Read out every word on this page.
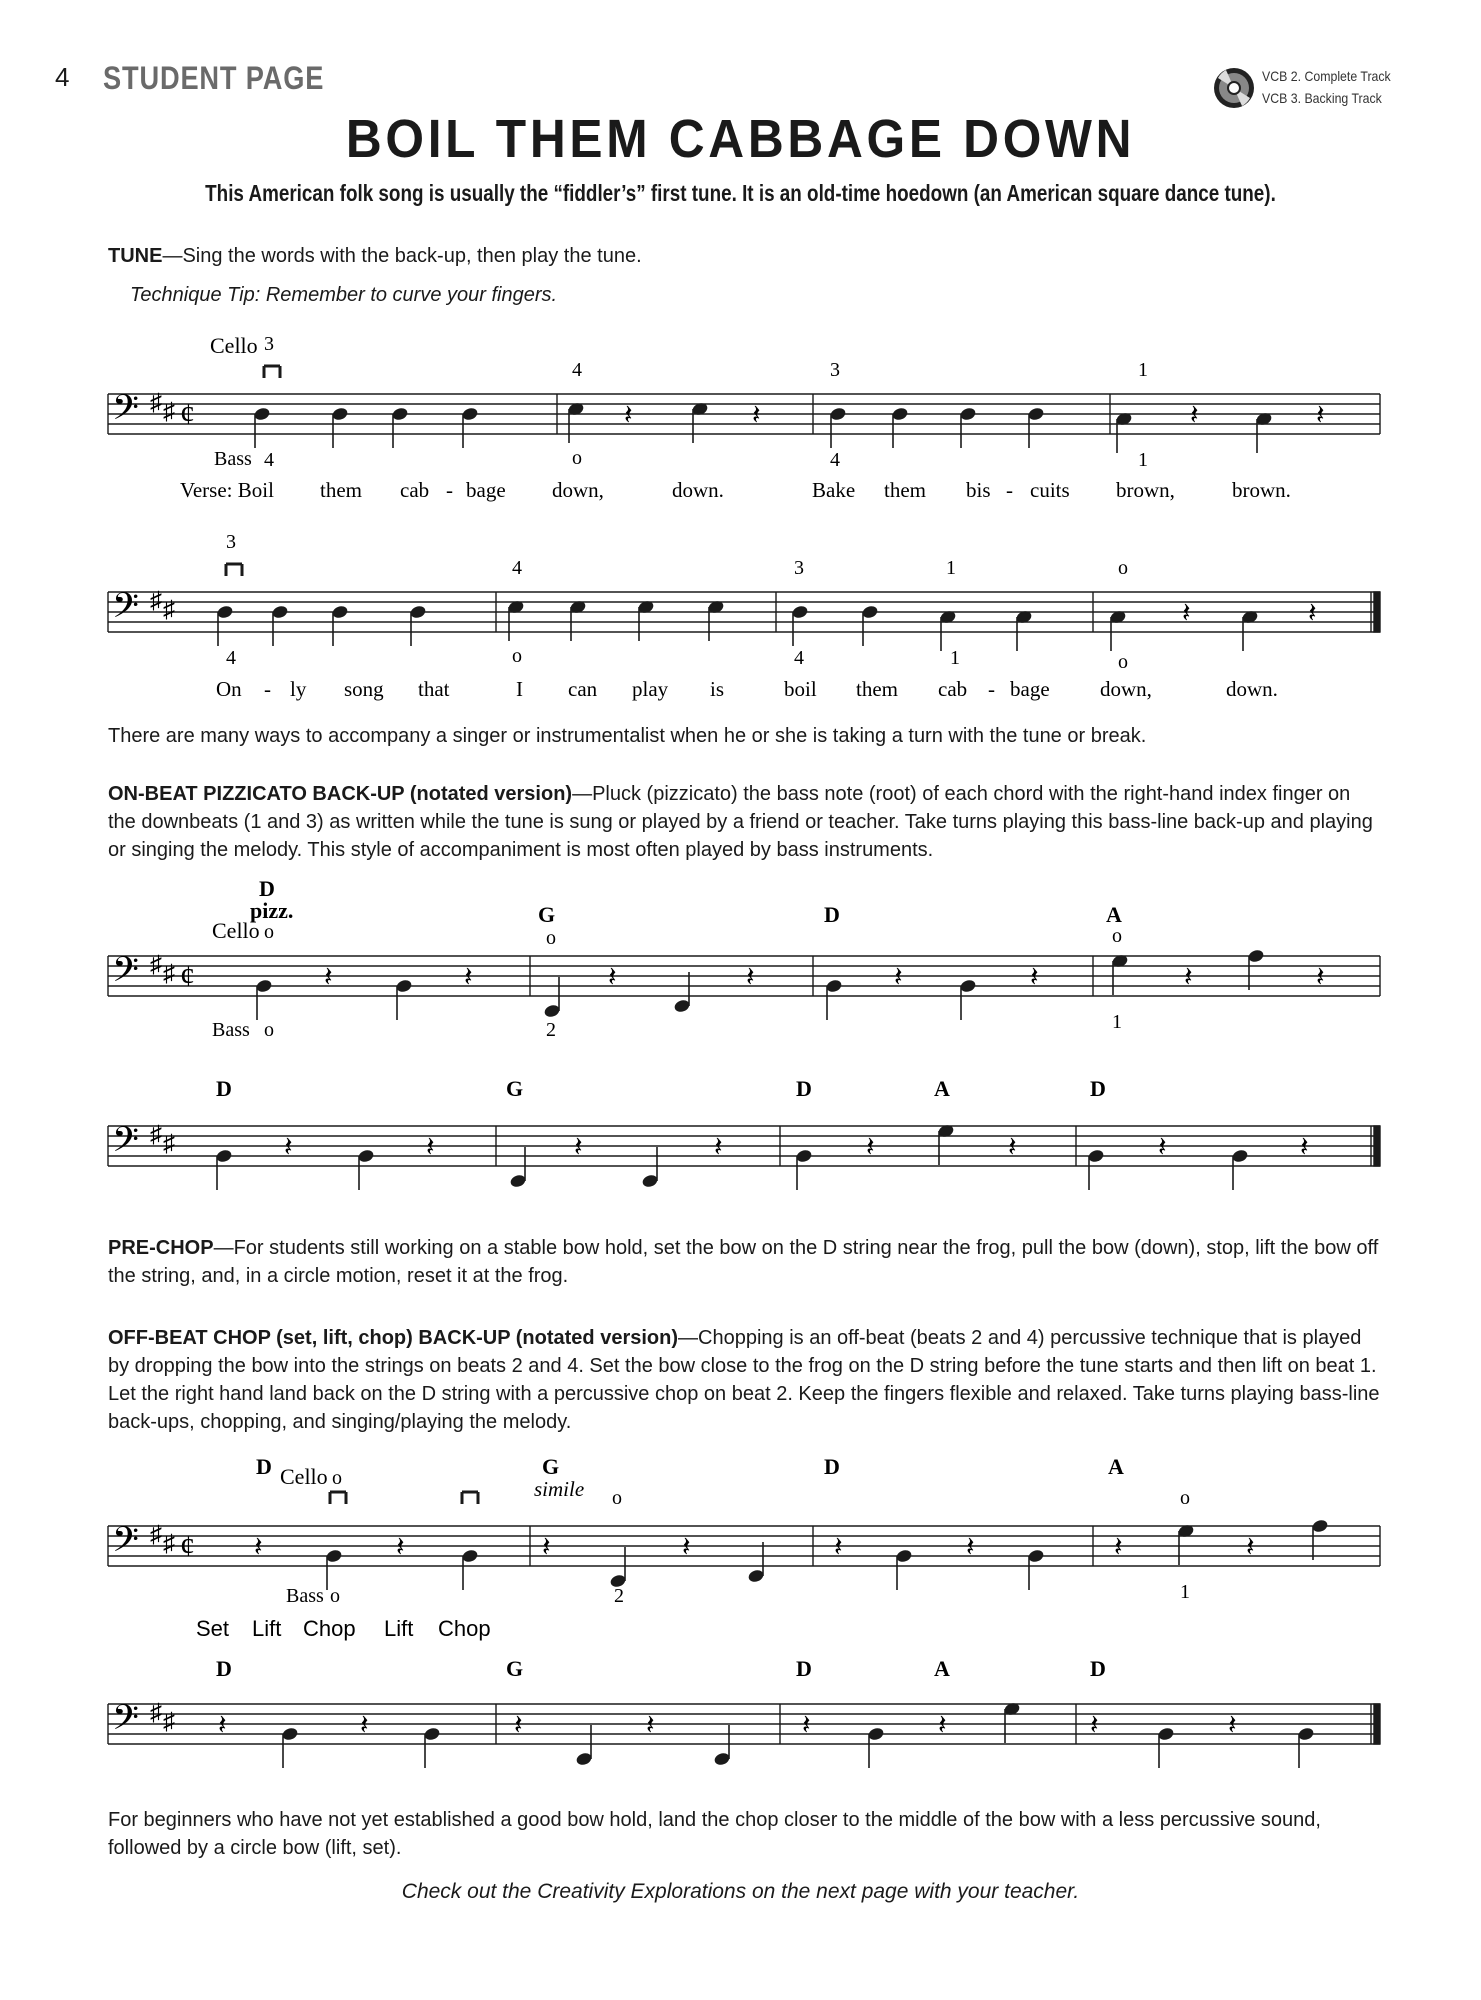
4 STUDENT PAGE	VCB 2. Complete Track
VCB 3. Backing Track
BOIL THEM CABBAGE DOWN
This American folk song is usually the “fiddler’s” first tune. It is an old-time hoedown (an American square dance tune).
TUNE—Sing the words with the back-up, then play the tune.
Technique Tip: Remember to curve your fingers.
𝄢 ♯ ♯ ¢
Cello
Bass
3
4
4
o
3
4
1
1
𝄽	𝄽	𝄽	𝄽
Verse: Boil them cab - bage down,	down.	Bake them bis - cuits brown,	brown.
𝄢 ♯ ♯
3
4
4
o
3
4
1
1
o
o
𝄽	𝄽
On - ly song that	I can play is	boil them cab - bage down,	down.
There are many ways to accompany a singer or instrumentalist when he or she is taking a turn with the tune or break.
ON-BEAT PIZZICATO BACK-UP (notated version)—Pluck (pizzicato) the bass note (root) of each chord with the right-hand index finger on the downbeats (1 and 3) as written while the tune is sung or played by a friend or teacher. Take turns playing this bass-line back-up and playing or singing the melody. This style of accompaniment is most often played by bass instruments.
𝄢 ♯ ♯ ¢
D
pizz.
Cello o
Bass o
G
o
2
D	A
o
1
𝄽	𝄽	𝄽	𝄽	𝄽	𝄽	𝄽	𝄽
𝄢 ♯ ♯
D	G	D	A	D
𝄽	𝄽	𝄽	𝄽	𝄽	𝄽	𝄽	𝄽
PRE-CHOP—For students still working on a stable bow hold, set the bow on the D string near the frog, pull the bow (down), stop, lift the bow off the string, and, in a circle motion, reset it at the frog.
OFF-BEAT CHOP (set, lift, chop) BACK-UP (notated version)—Chopping is an off-beat (beats 2 and 4) percussive technique that is played by dropping the bow into the strings on beats 2 and 4. Set the bow close to the frog on the D string before the tune starts and then lift on beat 1. Let the right hand land back on the D string with a percussive chop on beat 2. Keep the fingers flexible and relaxed. Take turns playing bass-line back-ups, chopping, and singing/playing the melody.
𝄢 ♯ ♯ ¢
D Cello o
Bass o
G
simile o
2
D	A
o
1
𝄽	𝄽	𝄽	𝄽	𝄽	𝄽	𝄽	𝄽
Set Lift Chop Lift Chop
𝄢 ♯ ♯
D	G	D	A	D
𝄽	𝄽	𝄽	𝄽	𝄽	𝄽	𝄽	𝄽
For beginners who have not yet established a good bow hold, land the chop closer to the middle of the bow with a less percussive sound, followed by a circle bow (lift, set).
Check out the Creativity Explorations on the next page with your teacher.
